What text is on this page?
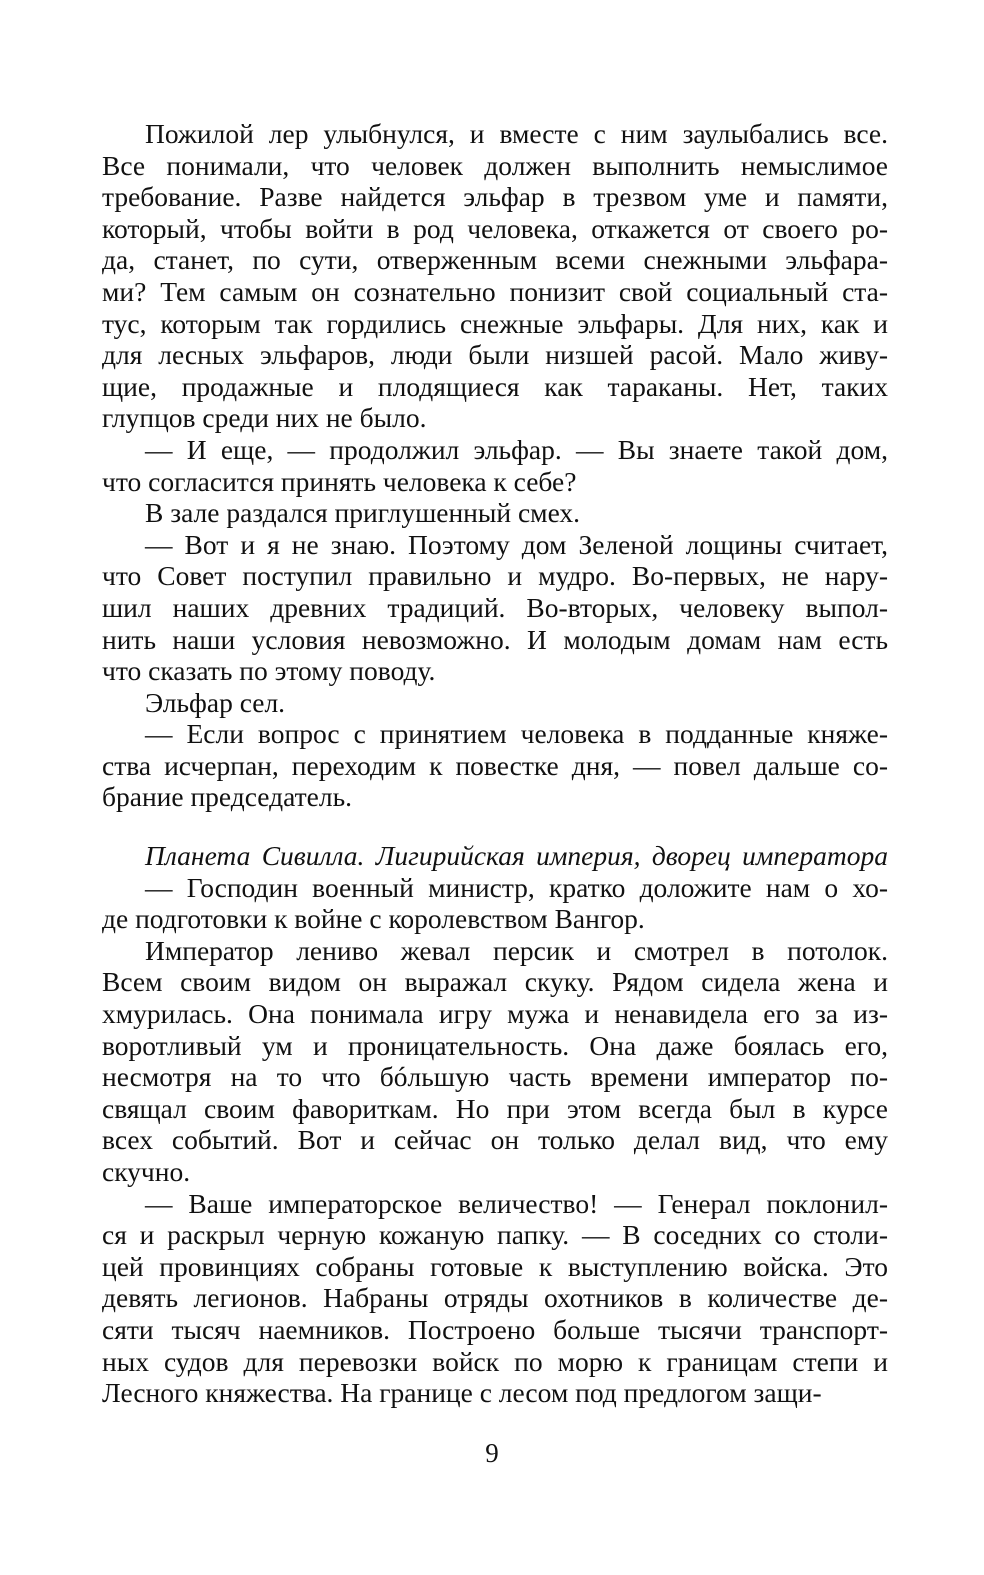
Пожилой лер улыбнулся, и вместе с ним заулыбались все.
Все понимали, что человек должен выполнить немыслимое
требование. Разве найдется эльфар в трезвом уме и памяти,
который, чтобы войти в род человека, откажется от своего ро-
да, станет, по сути, отверженным всеми снежными эльфара-
ми? Тем самым он сознательно понизит свой социальный ста-
тус, которым так гордились снежные эльфары. Для них, как и
для лесных эльфаров, люди были низшей расой. Мало живу-
щие, продажные и плодящиеся как тараканы. Нет, таких
глупцов среди них не было.
— И еще, — продолжил эльфар. — Вы знаете такой дом,
что согласится принять человека к себе?
В зале раздался приглушенный смех.
— Вот и я не знаю. Поэтому дом Зеленой лощины считает,
что Совет поступил правильно и мудро. Во-первых, не нару-
шил наших древних традиций. Во-вторых, человеку выпол-
нить наши условия невозможно. И молодым домам нам есть
что сказать по этому поводу.
Эльфар сел.
— Если вопрос с принятием человека в подданные княже-
ства исчерпан, переходим к повестке дня, — повел дальше со-
брание председатель.
Планета Сивилла. Лигирийская империя, дворец императора
— Господин военный министр, кратко доложите нам о хо-
де подготовки к войне с королевством Вангор.
Император лениво жевал персик и смотрел в потолок.
Всем своим видом он выражал скуку. Рядом сидела жена и
хмурилась. Она понимала игру мужа и ненавидела его за из-
воротливый ум и проницательность. Она даже боялась его,
несмотря на то что бóльшую часть времени император по-
свящал своим фавориткам. Но при этом всегда был в курсе
всех событий. Вот и сейчас он только делал вид, что ему
скучно.
— Ваше императорское величество! — Генерал поклонил-
ся и раскрыл черную кожаную папку. — В соседних со столи-
цей провинциях собраны готовые к выступлению войска. Это
девять легионов. Набраны отряды охотников в количестве де-
сяти тысяч наемников. Построено больше тысячи транспорт-
ных судов для перевозки войск по морю к границам степи и
Лесного княжества. На границе с лесом под предлогом защи-
9
